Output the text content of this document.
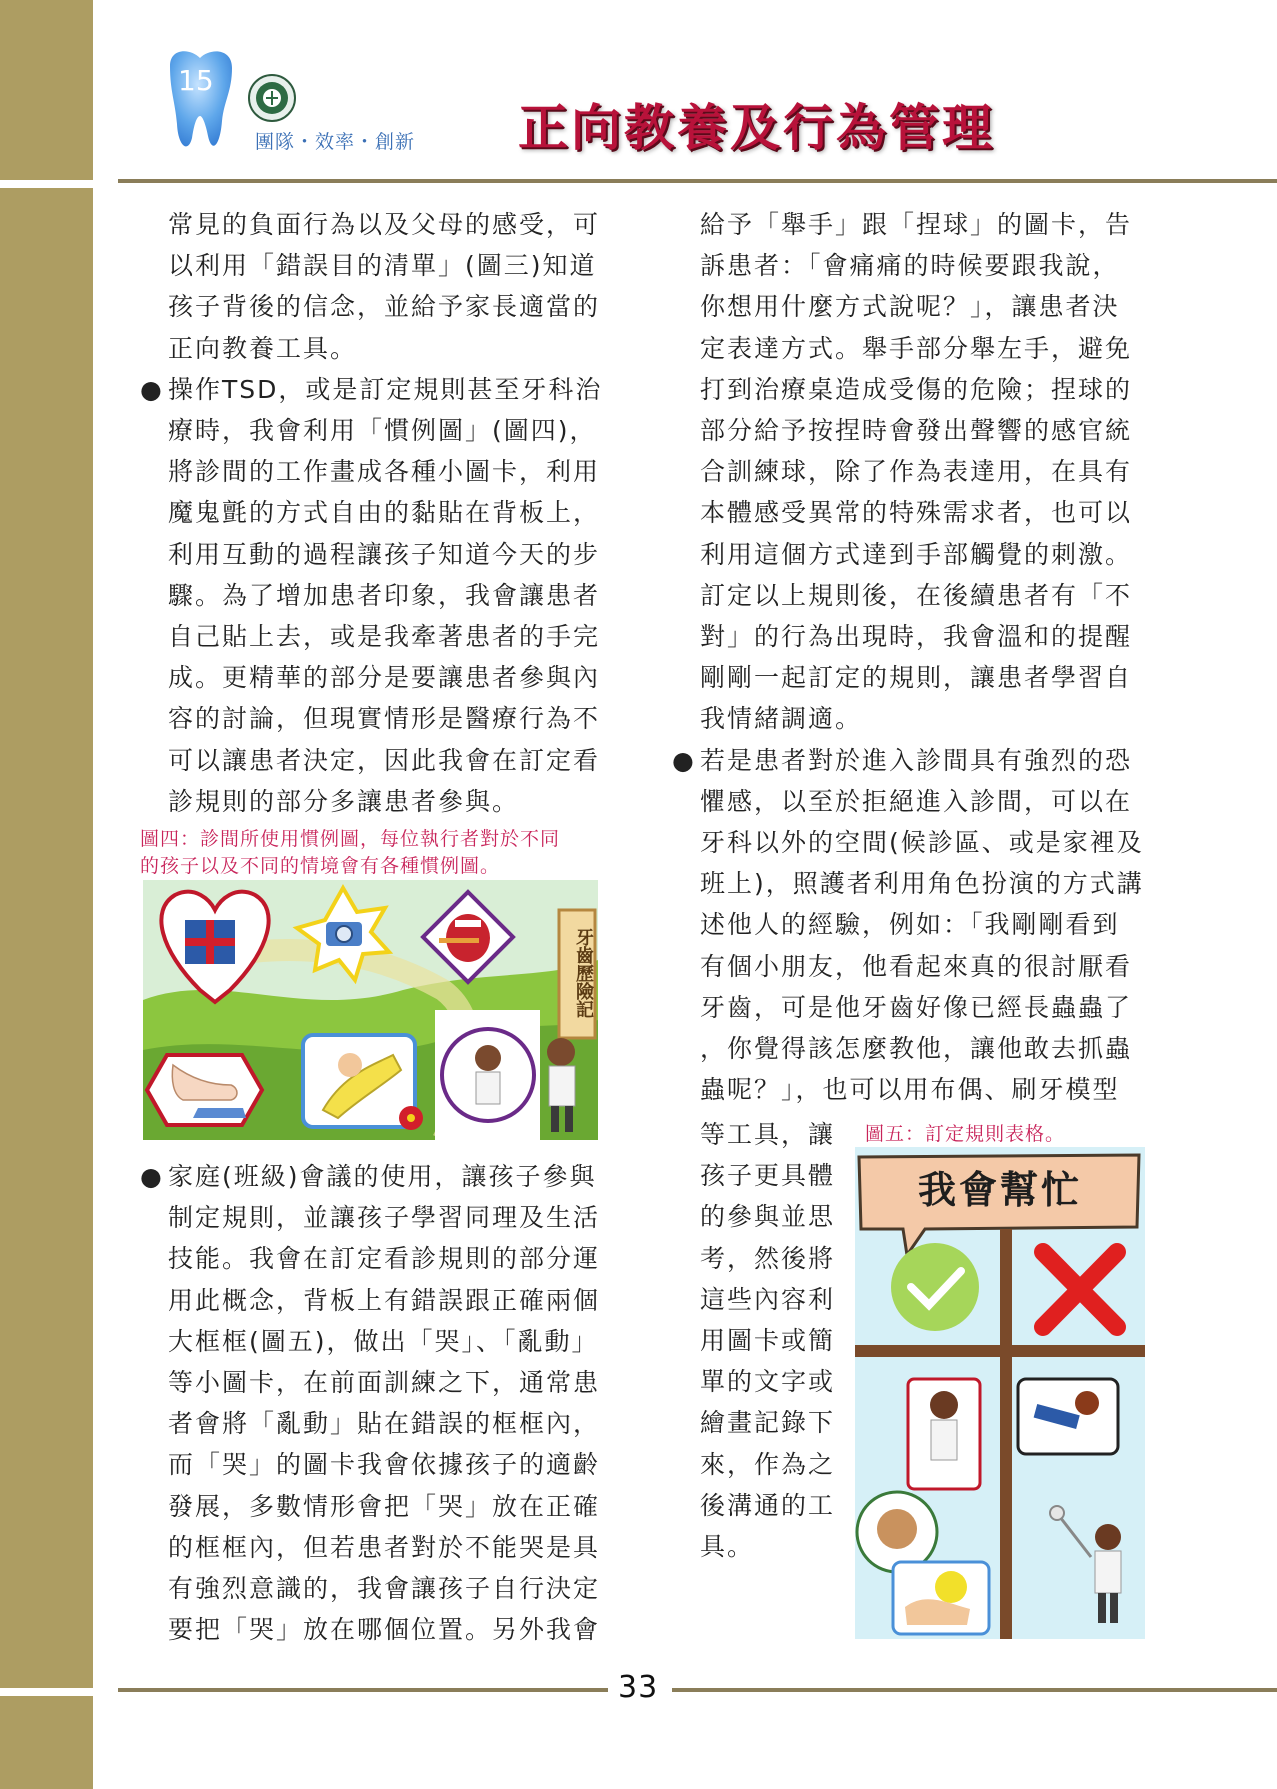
15
團隊・效率・創新 正向教養及行為管理

常見的負面行為以及父母的感受，可

以利用「錯誤目的清單」(圖三)知道

孩子背後的信念，並給予家長適當的

正向教養工具。

● 操作TSD，或是訂定規則甚至牙科治

療時，我會利用「慣例圖」(圖四)，

將診間的工作畫成各種小圖卡，利用

魔鬼氈的方式自由的黏貼在背板上，

利用互動的過程讓孩子知道今天的步

驟。為了增加患者印象，我會讓患者

自己貼上去，或是我牽著患者的手完

成。更精華的部分是要讓患者參與內

容的討論，但現實情形是醫療行為不

可以讓患者決定，因此我會在訂定看

診規則的部分多讓患者參與。

圖四：診間所使用慣例圖，每位執行者對於不同
的孩子以及不同的情境會有各種慣例圖。
牙齒歷險記
● 家庭(班級)會議的使用，讓孩子參與

制定規則，並讓孩子學習同理及生活

技能。我會在訂定看診規則的部分運

用此概念，背板上有錯誤跟正確兩個

大框框(圖五)，做出「哭」、「亂動」

等小圖卡，在前面訓練之下，通常患

者會將「亂動」貼在錯誤的框框內，

而「哭」的圖卡我會依據孩子的適齡

發展，多數情形會把「哭」放在正確

的框框內，但若患者對於不能哭是具

有強烈意識的，我會讓孩子自行決定

要把「哭」放在哪個位置。另外我會

給予「舉手」跟「捏球」的圖卡，告

訴患者：「會痛痛的時候要跟我說，

你想用什麼方式說呢？」，讓患者決

定表達方式。舉手部分舉左手，避免

打到治療桌造成受傷的危險；捏球的

部分給予按捏時會發出聲響的感官統

合訓練球，除了作為表達用，在具有

本體感受異常的特殊需求者，也可以

利用這個方式達到手部觸覺的刺激。

訂定以上規則後，在後續患者有「不

對」的行為出現時，我會溫和的提醒

剛剛一起訂定的規則，讓患者學習自

我情緒調適。

● 若是患者對於進入診間具有強烈的恐

懼感，以至於拒絕進入診間，可以在

牙科以外的空間(候診區、或是家裡及

班上)，照護者利用角色扮演的方式講

述他人的經驗，例如：「我剛剛看到

有個小朋友，他看起來真的很討厭看

牙齒，可是他牙齒好像已經長蟲蟲了

，你覺得該怎麼教他，讓他敢去抓蟲

蟲呢？」，也可以用布偶、刷牙模型

等工具，讓

孩子更具體

的參與並思

考，然後將

這些內容利

用圖卡或簡

單的文字或

繪畫記錄下

來，作為之

後溝通的工

具。

圖五：訂定規則表格。
我會幫忙
33
